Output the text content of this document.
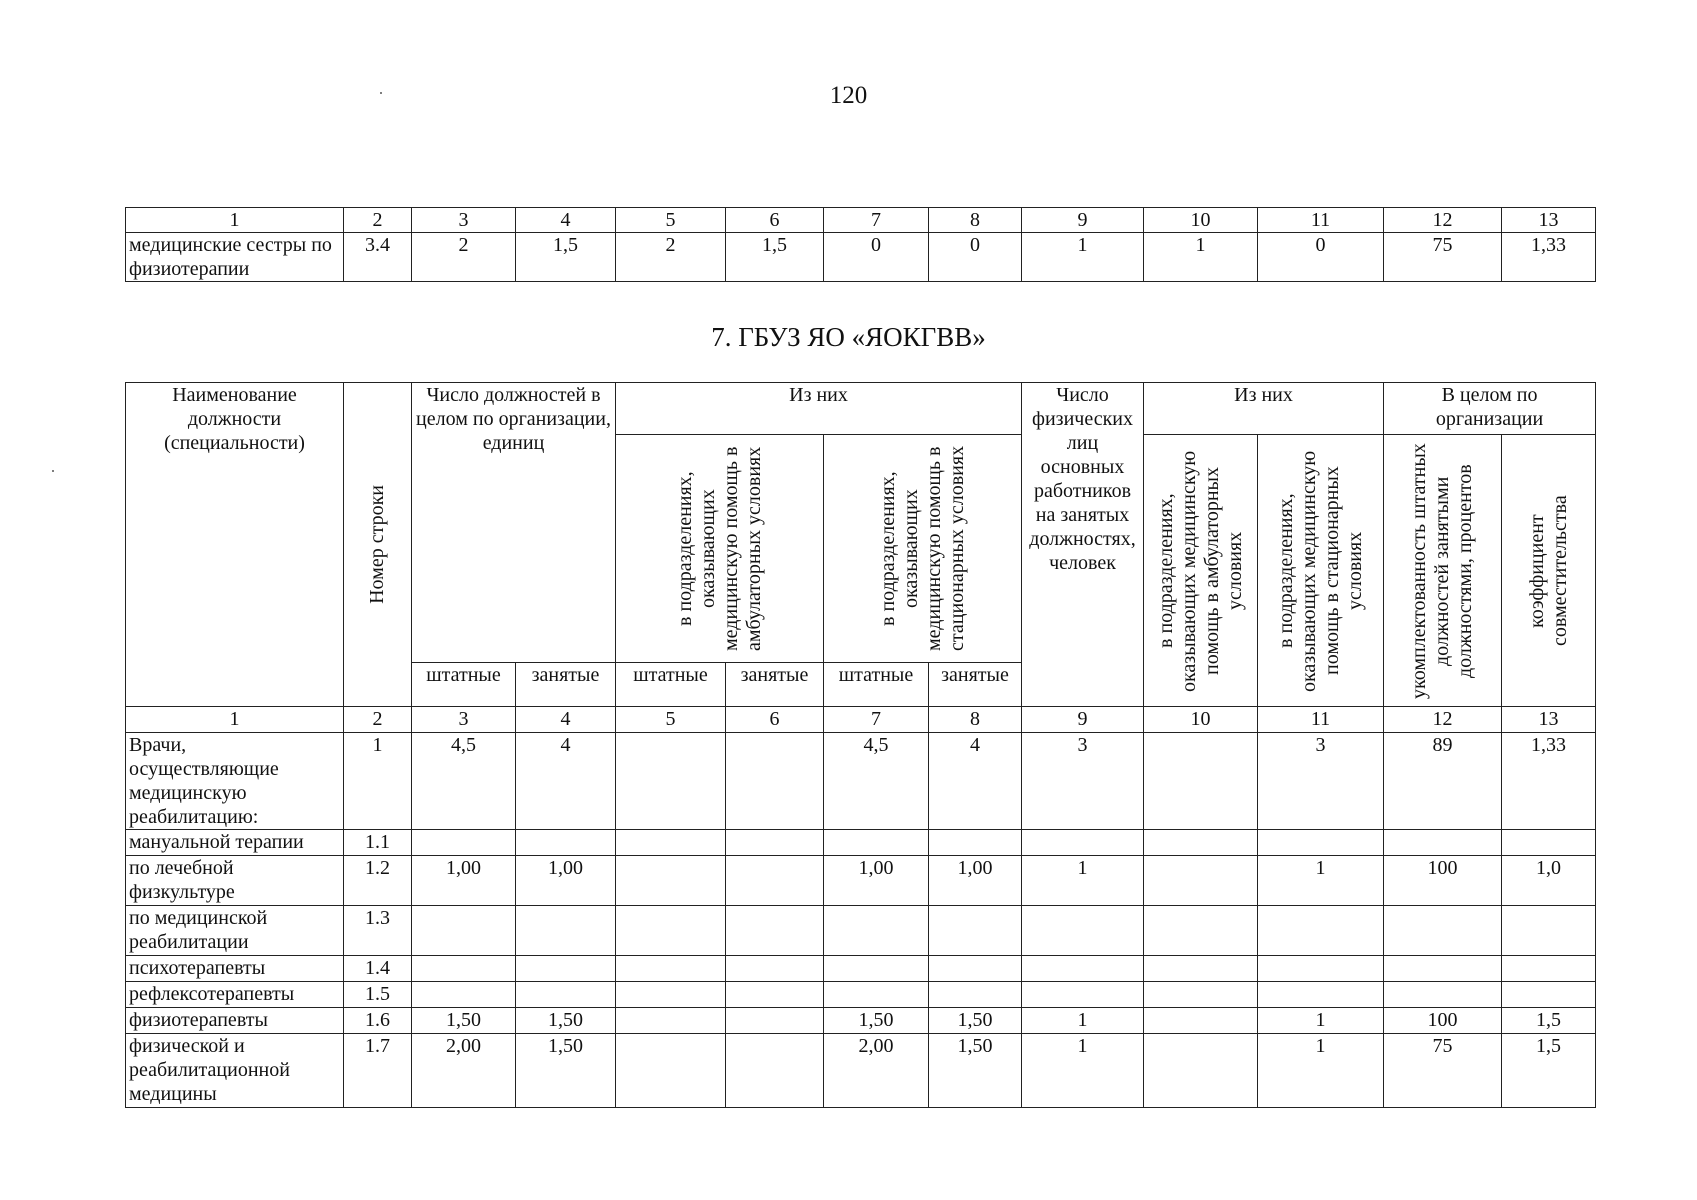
120
1	2	3	4	5	6	7	8	9	10	11	12	13
медицинские сестры по физиотерапии	3.4	2	1,5	2	1,5	0	0	1	1	0	75	1,33
7. ГБУЗ ЯО «ЯОКГВВ»
Наименование должности (специальности)	Номер строки	Число должностей в целом по организации, единиц		Из них				Число физических лиц основных работников на занятых должностях, человек	Из них		В целом по организации	

				в подразделениях, оказывающих медицинскую помощь в амбулаторных условиях		в подразделениях, оказывающих медицинскую помощь в стационарных условиях			в подразделениях, оказывающих медицинскую помощь в амбулаторных условиях	в подразделениях, оказывающих медицинскую помощь в стационарных условиях	укомплектованность штатных должностей занятыми должностями, процентов	коэффициент совместительства

		штатные	занятые	штатные	занятые	штатные	занятые					
1	2	3	4	5	6	7	8	9	10	11	12	13
Врачи, осуществляющие медицинскую реабилитацию:	1	4,5	4			4,5	4	3		3	89	1,33
мануальной терапии	1.1											
по лечебной физкультуре	1.2	1,00	1,00			1,00	1,00	1		1	100	1,0
по медицинской реабилитации	1.3											
психотерапевты	1.4											
рефлексотерапевты	1.5											
физиотерапевты	1.6	1,50	1,50			1,50	1,50	1		1	100	1,5
физической и реабилитационной медицины	1.7	2,00	1,50			2,00	1,50	1		1	75	1,5
